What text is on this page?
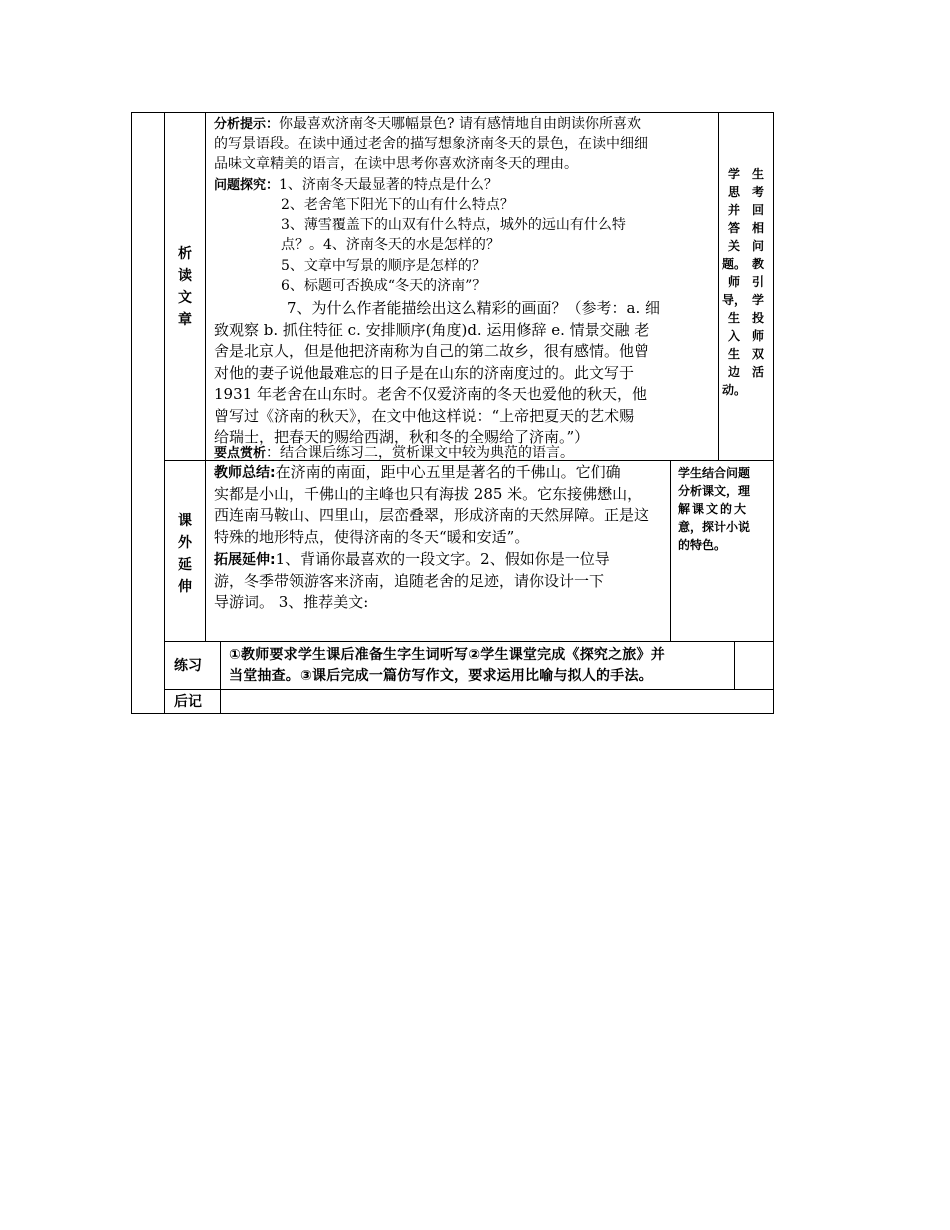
析
读
文
章
分析提示：你最喜欢济南冬天哪幅景色? 请有感情地自由朗读你所喜欢
的写景语段。在读中通过老舍的描写想象济南冬天的景色，在读中细细
品味文章精美的语言，在读中思考你喜欢济南冬天的理由。
问题探究：1、济南冬天最显著的特点是什么？
2、老舍笔下阳光下的山有什么特点？
3、薄雪覆盖下的山双有什么特点，城外的远山有什么特
点？。4、济南冬天的水是怎样的？
5、文章中写景的顺序是怎样的？
6、标题可否换成“冬天的济南”？
7、为什么作者能描绘出这么精彩的画面？（参考：a. 细
致观察 b. 抓住特征 c. 安排顺序(角度)d. 运用修辞 e. 情景交融 老
舍是北京人，但是他把济南称为自己的第二故乡，很有感情。他曾
对他的妻子说他最难忘的日子是在山东的济南度过的。此文写于
1931 年老舍在山东时。老舍不仅爱济南的冬天也爱他的秋天，他
曾写过《济南的秋天》，在文中他这样说：“上帝把夏天的艺术赐
给瑞士，把春天的赐给西湖，秋和冬的全赐给了济南。”）
要点赏析：结合课后练习二，赏析课文中较为典范的语言。
学
思
并
答
关
题。
师
导，
生
入
生
边
动。
生
考
回
相
问
教
引
学
投
师
双
活
课
外
延
伸
教师总结:在济南的南面，距中心五里是著名的千佛山。它们确
实都是小山，千佛山的主峰也只有海拔 285 米。它东接佛懋山，
西连南马鞍山、四里山，层峦叠翠，形成济南的天然屏障。正是这
特殊的地形特点，使得济南的冬天“暖和安适”。
拓展延伸:1、背诵你最喜欢的一段文字。2、假如你是一位导
游，冬季带领游客来济南，追随老舍的足迹，请你设计一下
导游词。 3、推荐美文:
学生结合问题
分析课文，理
解课文的大
意，探计小说
的特色。
练习
①教师要求学生课后准备生字生词听写②学生课堂完成《探究之旅》并
当堂抽查。③课后完成一篇仿写作文，要求运用比喻与拟人的手法。
后记
